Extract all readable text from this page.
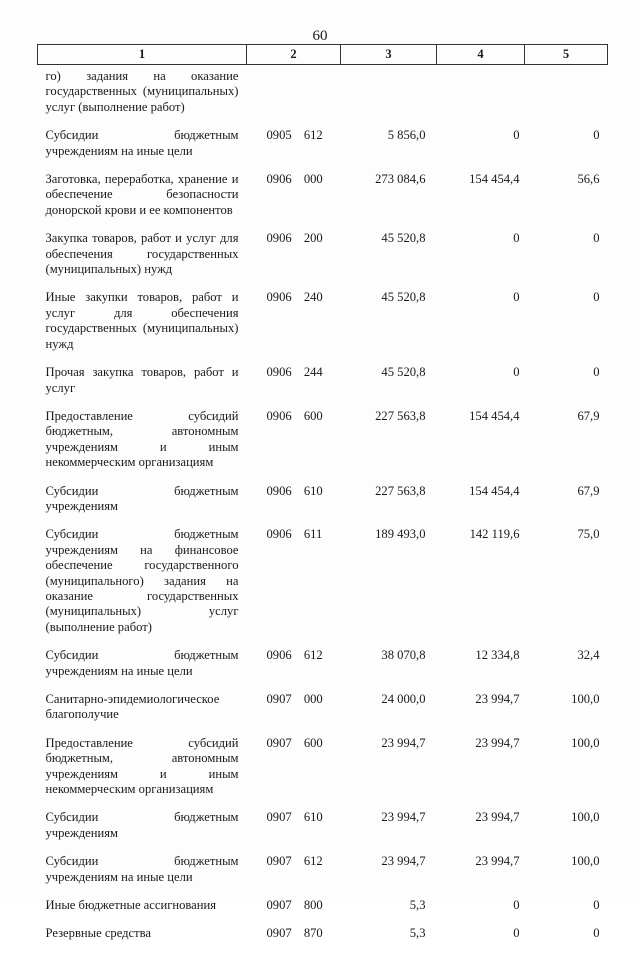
60
1	2	3	4	5
го) задания на оказание государственных (муниципальных) услуг (выполнение работ)				
Субсидии бюджетным учреждениям на иные цели	0905 612	5 856,0	0	0
Заготовка, переработка, хранение и обеспечение безопасности донорской крови и ее компонентов	0906 000	273 084,6	154 454,4	56,6
Закупка товаров, работ и услуг для обеспечения государственных (муниципальных) нужд	0906 200	45 520,8	0	0
Иные закупки товаров, работ и услуг для обеспечения государственных (муниципальных) нужд	0906 240	45 520,8	0	0
Прочая закупка товаров, работ и услуг	0906 244	45 520,8	0	0
Предоставление субсидий бюджетным, автономным учреждениям и иным некоммерческим организациям	0906 600	227 563,8	154 454,4	67,9
Субсидии бюджетным учреждениям	0906 610	227 563,8	154 454,4	67,9
Субсидии бюджетным учреждениям на финансовое обеспечение государственного (муниципального) задания на оказание государственных (муниципальных) услуг (выполнение работ)	0906 611	189 493,0	142 119,6	75,0
Субсидии бюджетным учреждениям на иные цели	0906 612	38 070,8	12 334,8	32,4
Санитарно-эпидемиологическое благополучие	0907 000	24 000,0	23 994,7	100,0
Предоставление субсидий бюджетным, автономным учреждениям и иным некоммерческим организациям	0907 600	23 994,7	23 994,7	100,0
Субсидии бюджетным учреждениям	0907 610	23 994,7	23 994,7	100,0
Субсидии бюджетным учреждениям на иные цели	0907 612	23 994,7	23 994,7	100,0
Иные бюджетные ассигнования	0907 800	5,3	0	0
Резервные средства	0907 870	5,3	0	0
